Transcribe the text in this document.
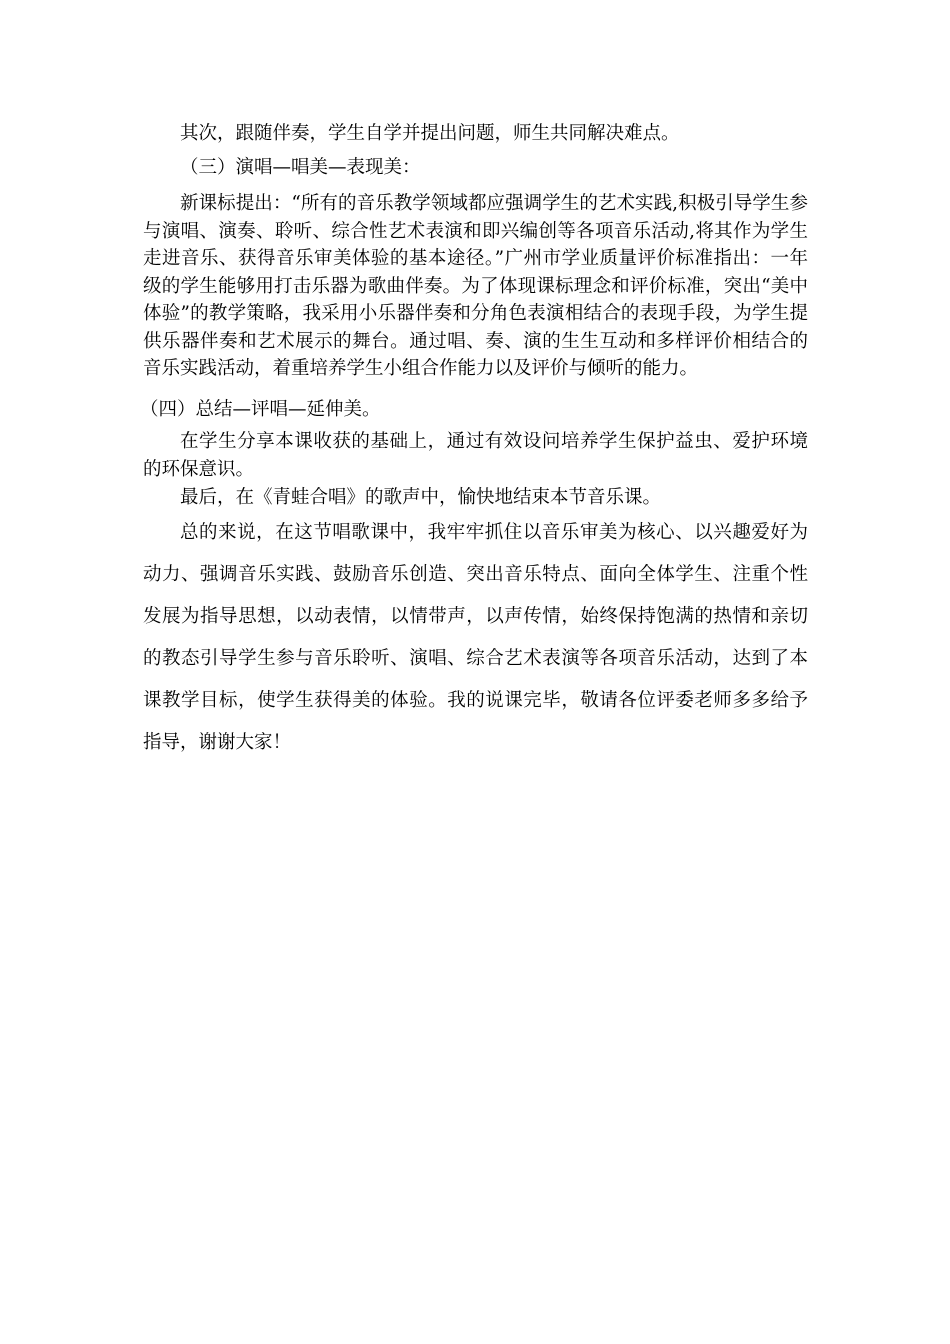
其次，跟随伴奏，学生自学并提出问题，师生共同解决难点。

（三）演唱—唱美—表现美：

新课标提出：“所有的音乐教学领域都应强调学生的艺术实践,积极引导学生参与演唱、演奏、聆听、综合性艺术表演和即兴编创等各项音乐活动,将其作为学生走进音乐、获得音乐审美体验的基本途径。”广州市学业质量评价标准指出：一年级的学生能够用打击乐器为歌曲伴奏。为了体现课标理念和评价标准，突出“美中体验”的教学策略，我采用小乐器伴奏和分角色表演相结合的表现手段，为学生提供乐器伴奏和艺术展示的舞台。通过唱、奏、演的生生互动和多样评价相结合的音乐实践活动，着重培养学生小组合作能力以及评价与倾听的能力。

（四）总结—评唱—延伸美。

在学生分享本课收获的基础上，通过有效设问培养学生保护益虫、爱护环境的环保意识。

最后，在《青蛙合唱》的歌声中，愉快地结束本节音乐课。

总的来说，在这节唱歌课中，我牢牢抓住以音乐审美为核心、以兴趣爱好为动力、强调音乐实践、鼓励音乐创造、突出音乐特点、面向全体学生、注重个性发展为指导思想，以动表情，以情带声，以声传情，始终保持饱满的热情和亲切的教态引导学生参与音乐聆听、演唱、综合艺术表演等各项音乐活动，达到了本课教学目标，使学生获得美的体验。我的说课完毕，敬请各位评委老师多多给予指导，谢谢大家！
